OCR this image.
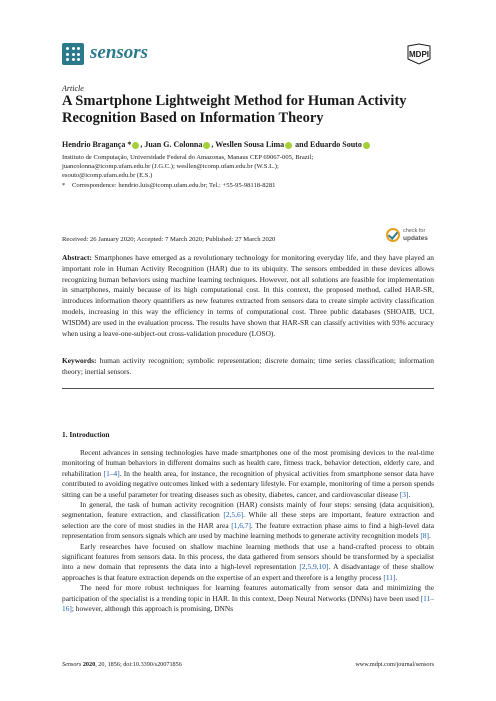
sensors	MDPI
Article
A Smartphone Lightweight Method for Human Activity Recognition Based on Information Theory
Hendrio Bragança * , Juan G. Colonna , Wesllen Sousa Lima and Eduardo Souto
Instituto de Computação, Universidade Federal do Amazonas, Manaus CEP 69067-005, Brazil;
juancolonna@icomp.ufam.edu.br (J.G.C.); wesllen@icomp.ufam.edu.br (W.S.L.);
esouto@icomp.ufam.edu.br (E.S.)
* Correspondence: hendrio.luis@icomp.ufam.edu.br; Tel.: +55-95-98118-8281
Received: 26 January 2020; Accepted: 7 March 2020; Published: 27 March 2020
check for
updates
Abstract: Smartphones have emerged as a revolutionary technology for monitoring everyday life, and they have played an important role in Human Activity Recognition (HAR) due to its ubiquity. The sensors embedded in these devices allows recognizing human behaviors using machine learning techniques. However, not all solutions are feasible for implementation in smartphones, mainly because of its high computational cost. In this context, the proposed method, called HAR-SR, introduces information theory quantifiers as new features extracted from sensors data to create simple activity classification models, increasing in this way the efficiency in terms of computational cost. Three public databases (SHOAIB, UCI, WISDM) are used in the evaluation process. The results have shown that HAR-SR can classify activities with 93% accuracy when using a leave-one-subject-out cross-validation procedure (LOSO).
Keywords: human activity recognition; symbolic representation; discrete domain; time series classification; information theory; inertial sensors.
1. Introduction

Recent advances in sensing technologies have made smartphones one of the most promising devices to the real-time monitoring of human behaviors in different domains such as health care, fitness track, behavior detection, elderly care, and rehabilitation [1–4]. In the health area, for instance, the recognition of physical activities from smartphone sensor data have contributed to avoiding negative outcomes linked with a sedentary lifestyle. For example, monitoring of time a person spends sitting can be a useful parameter for treating diseases such as obesity, diabetes, cancer, and cardiovascular disease [3].

In general, the task of human activity recognition (HAR) consists mainly of four steps: sensing (data acquisition), segmentation, feature extraction, and classification [2,5,6]. While all these steps are important, feature extraction and selection are the core of most studies in the HAR area [1,6,7]. The feature extraction phase aims to find a high-level data representation from sensors signals which are used by machine learning methods to generate activity recognition models [8].

Early researches have focused on shallow machine learning methods that use a hand-crafted process to obtain significant features from sensors data. In this process, the data gathered from sensors should be transformed by a specialist into a new domain that represents the data into a high-level representation [2,5,9,10]. A disadvantage of these shallow approaches is that feature extraction depends on the expertise of an expert and therefore is a lengthy process [11].

The need for more robust techniques for learning features automatically from sensor data and minimizing the participation of the specialist is a trending topic in HAR. In this context, Deep Neural Networks (DNNs) have been used [11–16]; however, although this approach is promising, DNNs

Sensors 2020, 20, 1856; doi:10.3390/s20071856	www.mdpi.com/journal/sensors
